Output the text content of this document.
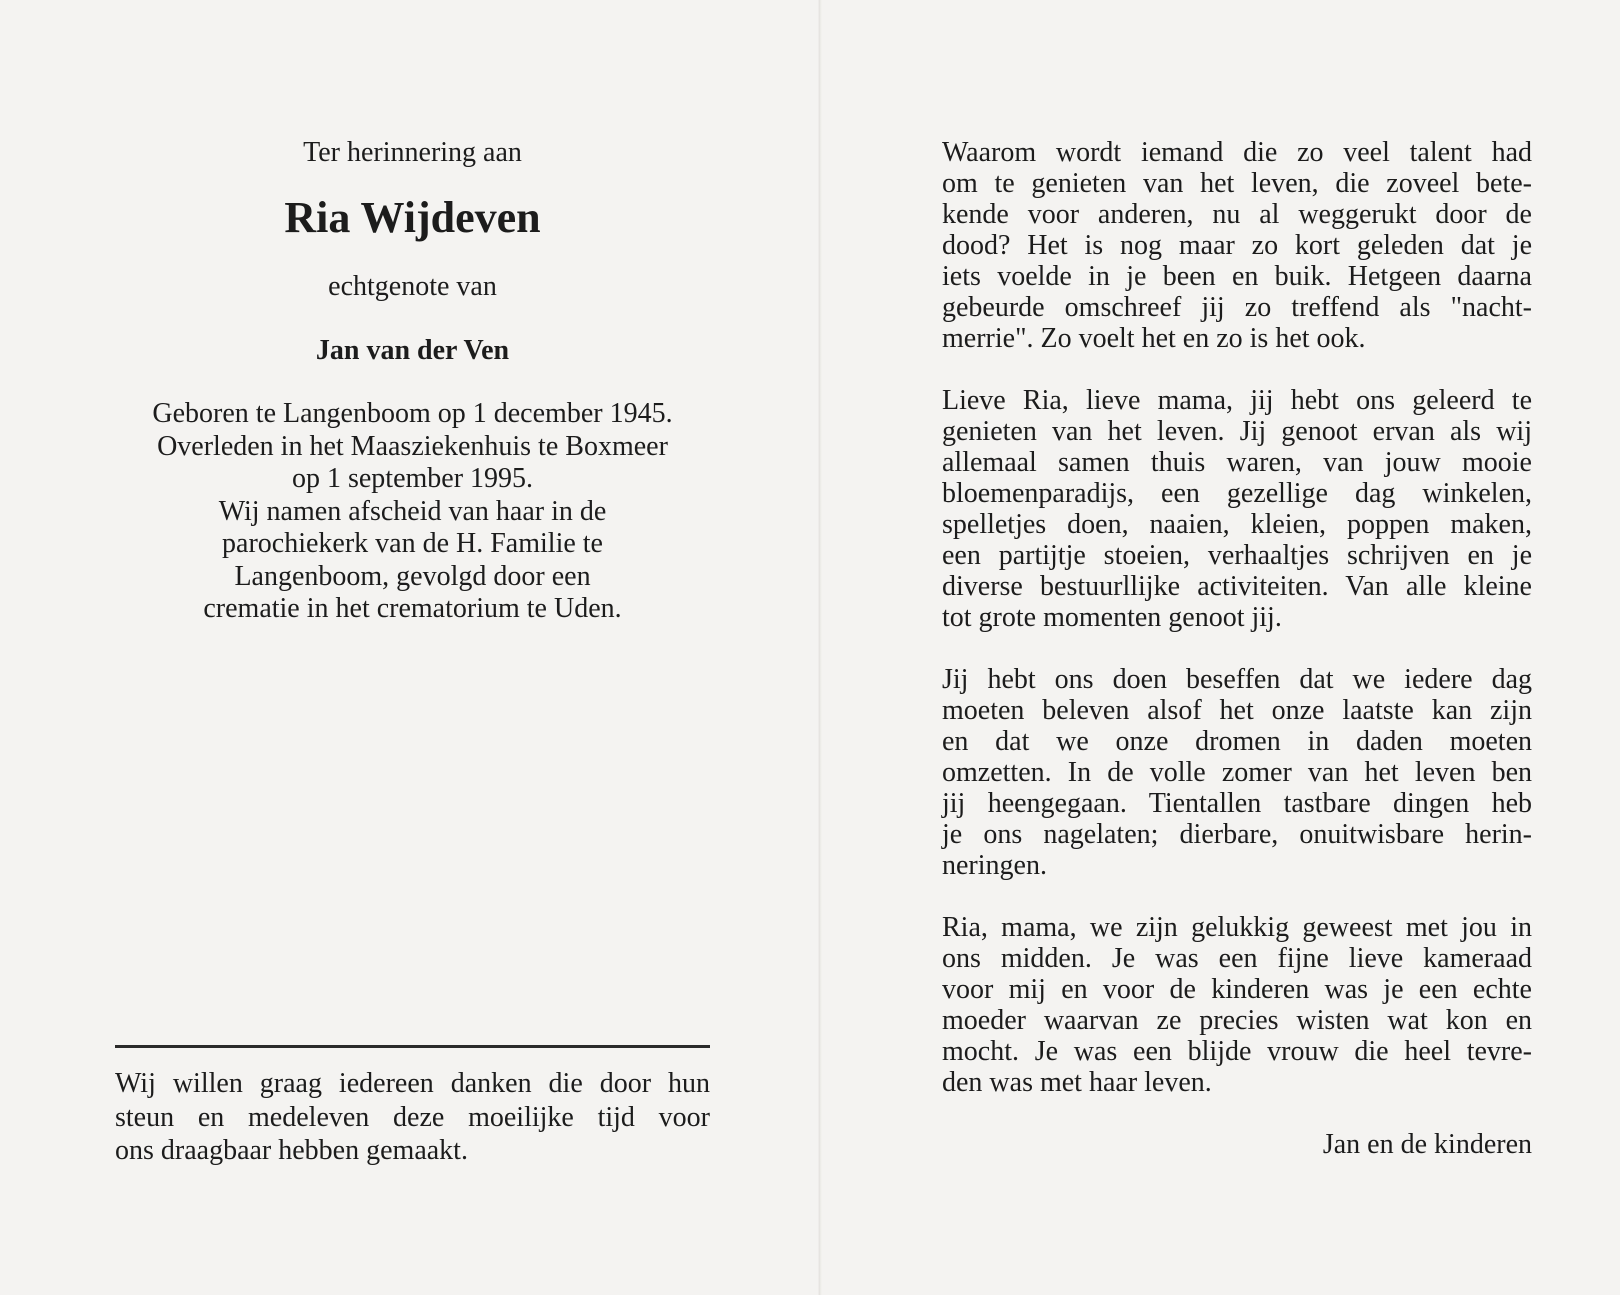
Ter herinnering aan
Ria Wijdeven
echtgenote van
Jan van der Ven
Geboren te Langenboom op 1 december 1945.
Overleden in het Maasziekenhuis te Boxmeer
op 1 september 1995.
Wij namen afscheid van haar in de
parochiekerk van de H. Familie te
Langenboom, gevolgd door een
crematie in het crematorium te Uden.
Wij willen graag iedereen danken die door hun
steun en medeleven deze moeilijke tijd voor
ons draagbaar hebben gemaakt.
Waarom wordt iemand die zo veel talent had
om te genieten van het leven, die zoveel bete-
kende voor anderen, nu al weggerukt door de
dood? Het is nog maar zo kort geleden dat je
iets voelde in je been en buik. Hetgeen daarna
gebeurde omschreef jij zo treffend als "nacht-
merrie". Zo voelt het en zo is het ook.
Lieve Ria, lieve mama, jij hebt ons geleerd te
genieten van het leven. Jij genoot ervan als wij
allemaal samen thuis waren, van jouw mooie
bloemenparadijs, een gezellige dag winkelen,
spelletjes doen, naaien, kleien, poppen maken,
een partijtje stoeien, verhaaltjes schrijven en je
diverse bestuurllijke activiteiten. Van alle kleine
tot grote momenten genoot jij.
Jij hebt ons doen beseffen dat we iedere dag
moeten beleven alsof het onze laatste kan zijn
en dat we onze dromen in daden moeten
omzetten. In de volle zomer van het leven ben
jij heengegaan. Tientallen tastbare dingen heb
je ons nagelaten; dierbare, onuitwisbare herin-
neringen.
Ria, mama, we zijn gelukkig geweest met jou in
ons midden. Je was een fijne lieve kameraad
voor mij en voor de kinderen was je een echte
moeder waarvan ze precies wisten wat kon en
mocht. Je was een blijde vrouw die heel tevre-
den was met haar leven.
Jan en de kinderen
